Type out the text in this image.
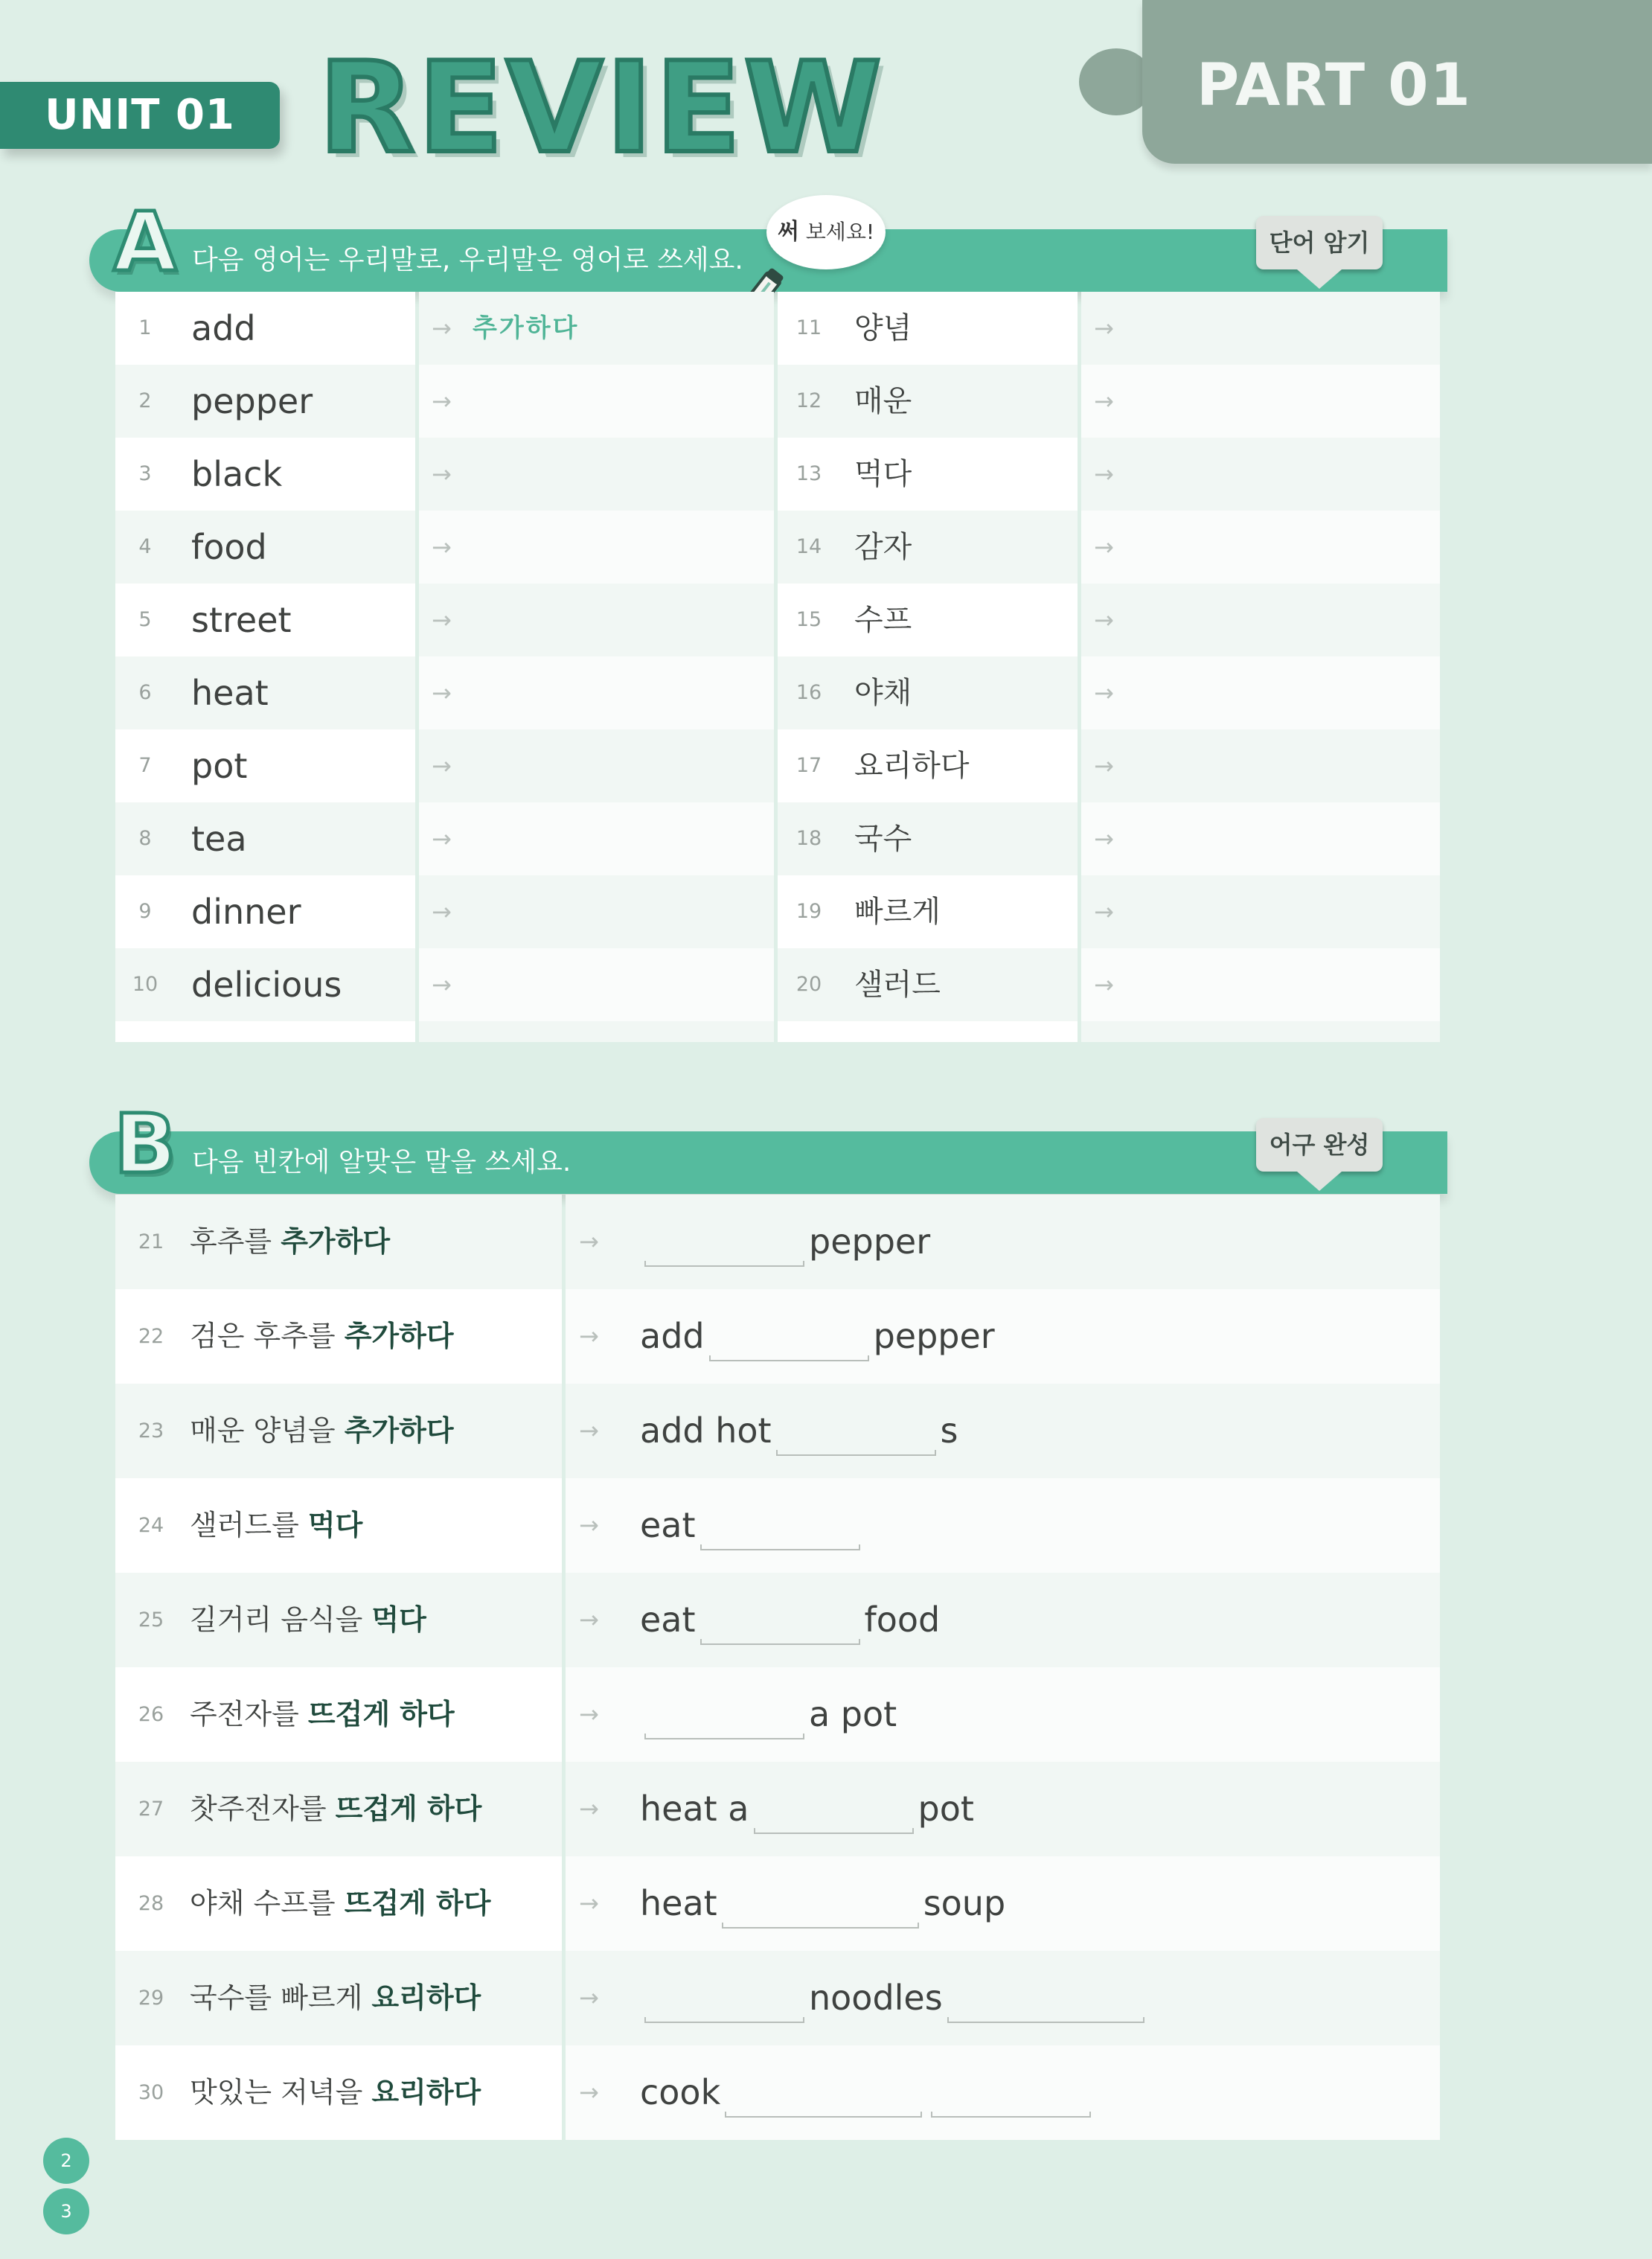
UNIT 01 REVIEW	PART 01
A 다음 영어는 우리말로, 우리말은 영어로 쓰세요.
단어 암기
써 보세요!
1	add	→ 추가하다	11	양념	→
2	pepper	→	12	매운	→
3	black	→	13	먹다	→
4	food	→	14	감자	→
5	street	→	15	수프	→
6	heat	→	16	야채	→
7	pot	→	17	요리하다	→
8	tea	→	18	국수	→
9	dinner	→	19	빠르게	→
10 delicious	→	20	샐러드	→
B 다음 빈칸에 알맞은 말을 쓰세요.
어구 완성
21 후추를 추가하다	→	pepper
22 검은 후추를 추가하다	→ add	pepper
23 매운 양념을 추가하다	→ add hot	s
24 샐러드를 먹다	→ eat
25 길거리 음식을 먹다	→ eat	food
26 주전자를 뜨겁게 하다	→	a pot
27 찻주전자를 뜨겁게 하다	→ heat a	pot
28 야채 수프를 뜨겁게 하다	→ heat	soup
29 국수를 빠르게 요리하다	→	noodles
30 맛있는 저녁을 요리하다	→ cook
2
3
